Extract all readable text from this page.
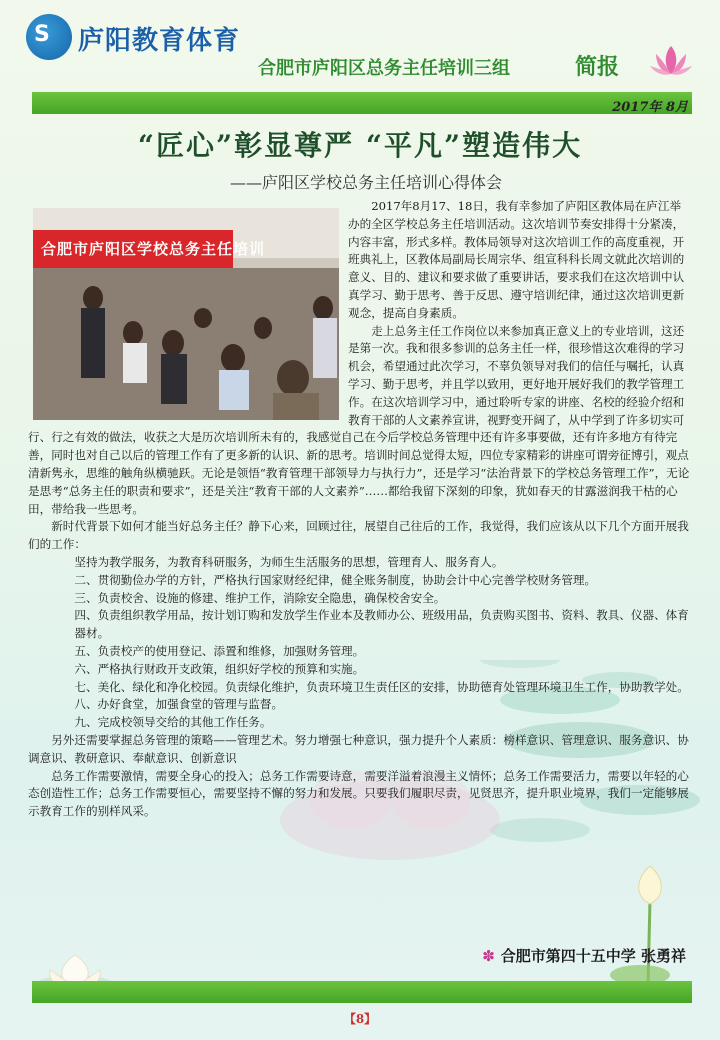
S 庐阳教育体育
合肥市庐阳区总务主任培训三组	简报
2017年 8月
“匠心”彰显尊严 “平凡”塑造伟大
——庐阳区学校总务主任培训心得体会
合肥市庐阳区学校总务主任培训

2017年8月17、18日，我有幸参加了庐阳区教体局在庐江举办的全区学校总务主任培训活动。这次培训节奏安排得十分紧凑，内容丰富，形式多样。教体局领导对这次培训工作的高度重视，开班典礼上，区教体局副局长周宗华、组宣科科长周文就此次培训的意义、目的、建议和要求做了重要讲话，要求我们在这次培训中认真学习、勤于思考、善于反思、遵守培训纪律，通过这次培训更新观念，提高自身素质。

走上总务主任工作岗位以来参加真正意义上的专业培训，这还是第一次。我和很多参训的总务主任一样，很珍惜这次难得的学习机会，希望通过此次学习，不辜负领导对我们的信任与嘱托，认真学习、勤于思考，并且学以致用，更好地开展好我们的教学管理工作。在这次培训学习中，通过聆听专家的讲座、名校的经验介绍和教育干部的人文素养宣讲，视野变开阔了，从中学到了许多切实可行、行之有效的做法，收获之大是历次培训所未有的，我感觉自己在今后学校总务管理中还有许多事要做，还有许多地方有待完善，同时也对自己以后的管理工作有了更多新的认识、新的思考。培训时间总觉得太短，四位专家精彩的讲座可谓旁征博引，观点清新隽永，思维的触角纵横驰跃。无论是领悟“教育管理干部领导力与执行力”，还是学习“法治背景下的学校总务管理工作”，无论是思考“总务主任的职责和要求”，还是关注“教育干部的人文素养”……都给我留下深刻的印象，犹如春天的甘露滋润我干枯的心田，带给我一些思考。

新时代背景下如何才能当好总务主任？静下心来，回顾过往，展望自己往后的工作，我觉得，我们应该从以下几个方面开展我们的工作：

坚持为教学服务，为教育科研服务，为师生生活服务的思想，管理育人、服务育人。

二、贯彻勤俭办学的方针，严格执行国家财经纪律，健全账务制度，协助会计中心完善学校财务管理。

三、负责校舍、设施的修建、维护工作，消除安全隐患，确保校舍安全。

四、负责组织教学用品，按计划订购和发放学生作业本及教师办公、班级用品，负责购买图书、资料、教具、仪器、体育器材。

五、负责校产的使用登记、添置和维修，加强财务管理。

六、严格执行财政开支政策，组织好学校的预算和实施。

七、美化、绿化和净化校园。负责绿化维护，负责环境卫生责任区的安排，协助德育处管理环境卫生工作，协助教学处。

八、办好食堂，加强食堂的管理与监督。

九、完成校领导交给的其他工作任务。

另外还需要掌握总务管理的策略——管理艺术。努力增强七种意识，强力提升个人素质：榜样意识、管理意识、服务意识、协调意识、教研意识、奉献意识、创新意识

总务工作需要激情，需要全身心的投入；总务工作需要诗意，需要洋溢着浪漫主义情怀；总务工作需要活力，需要以年轻的心态创造性工作；总务工作需要恒心，需要坚持不懈的努力和发展。只要我们履职尽责，见贤思齐，提升职业境界，我们一定能够展示教育工作的别样风采。

✽ 合肥市第四十五中学 张勇祥
【8】
